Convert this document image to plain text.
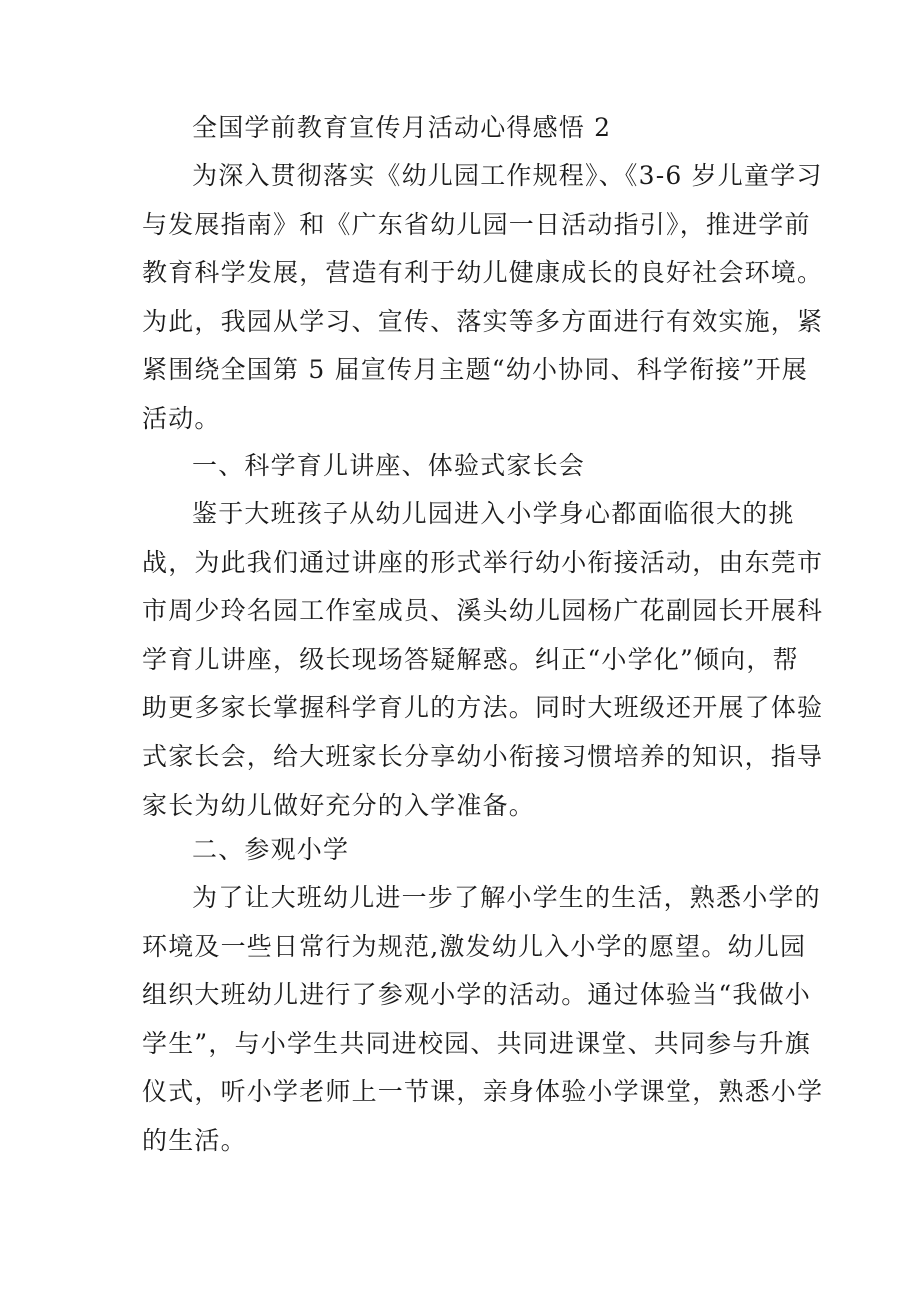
全国学前教育宣传月活动心得感悟 2
为深入贯彻落实《幼儿园工作规程》、《3-6 岁儿童学习
与发展指南》和《广东省幼儿园一日活动指引》，推进学前
教育科学发展，营造有利于幼儿健康成长的良好社会环境。
为此，我园从学习、宣传、落实等多方面进行有效实施，紧
紧围绕全国第 5 届宣传月主题“幼小协同、科学衔接”开展
活动。
一、科学育儿讲座、体验式家长会
鉴于大班孩子从幼儿园进入小学身心都面临很大的挑
战，为此我们通过讲座的形式举行幼小衔接活动，由东莞市
市周少玲名园工作室成员、溪头幼儿园杨广花副园长开展科
学育儿讲座，级长现场答疑解惑。纠正“小学化”倾向，帮
助更多家长掌握科学育儿的方法。同时大班级还开展了体验
式家长会，给大班家长分享幼小衔接习惯培养的知识，指导
家长为幼儿做好充分的入学准备。
二、参观小学
为了让大班幼儿进一步了解小学生的生活，熟悉小学的
环境及一些日常行为规范,激发幼儿入小学的愿望。幼儿园
组织大班幼儿进行了参观小学的活动。通过体验当“我做小
学生”，与小学生共同进校园、共同进课堂、共同参与升旗
仪式，听小学老师上一节课，亲身体验小学课堂，熟悉小学
的生活。
